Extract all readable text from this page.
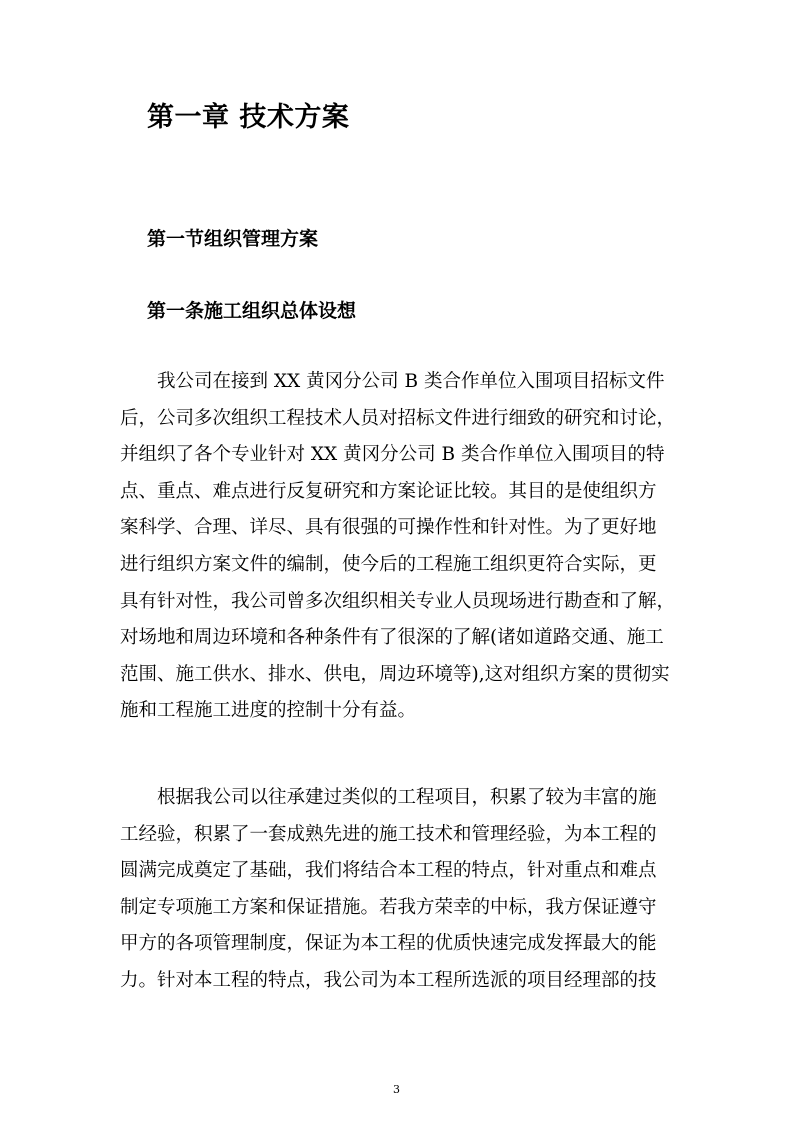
第一章 技术方案
第一节组织管理方案
第一条施工组织总体设想
我公司在接到 XX 黄冈分公司 B 类合作单位入围项目招标文件
后，公司多次组织工程技术人员对招标文件进行细致的研究和讨论，
并组织了各个专业针对 XX 黄冈分公司 B 类合作单位入围项目的特
点、重点、难点进行反复研究和方案论证比较。其目的是使组织方
案科学、合理、详尽、具有很强的可操作性和针对性。为了更好地
进行组织方案文件的编制，使今后的工程施工组织更符合实际，更
具有针对性，我公司曾多次组织相关专业人员现场进行勘查和了解，
对场地和周边环境和各种条件有了很深的了解(诸如道路交通、施工
范围、施工供水、排水、供电，周边环境等),这对组织方案的贯彻实
施和工程施工进度的控制十分有益。
根据我公司以往承建过类似的工程项目，积累了较为丰富的施
工经验，积累了一套成熟先进的施工技术和管理经验，为本工程的
圆满完成奠定了基础，我们将结合本工程的特点，针对重点和难点
制定专项施工方案和保证措施。若我方荣幸的中标，我方保证遵守
甲方的各项管理制度，保证为本工程的优质快速完成发挥最大的能
力。针对本工程的特点，我公司为本工程所选派的项目经理部的技
3
